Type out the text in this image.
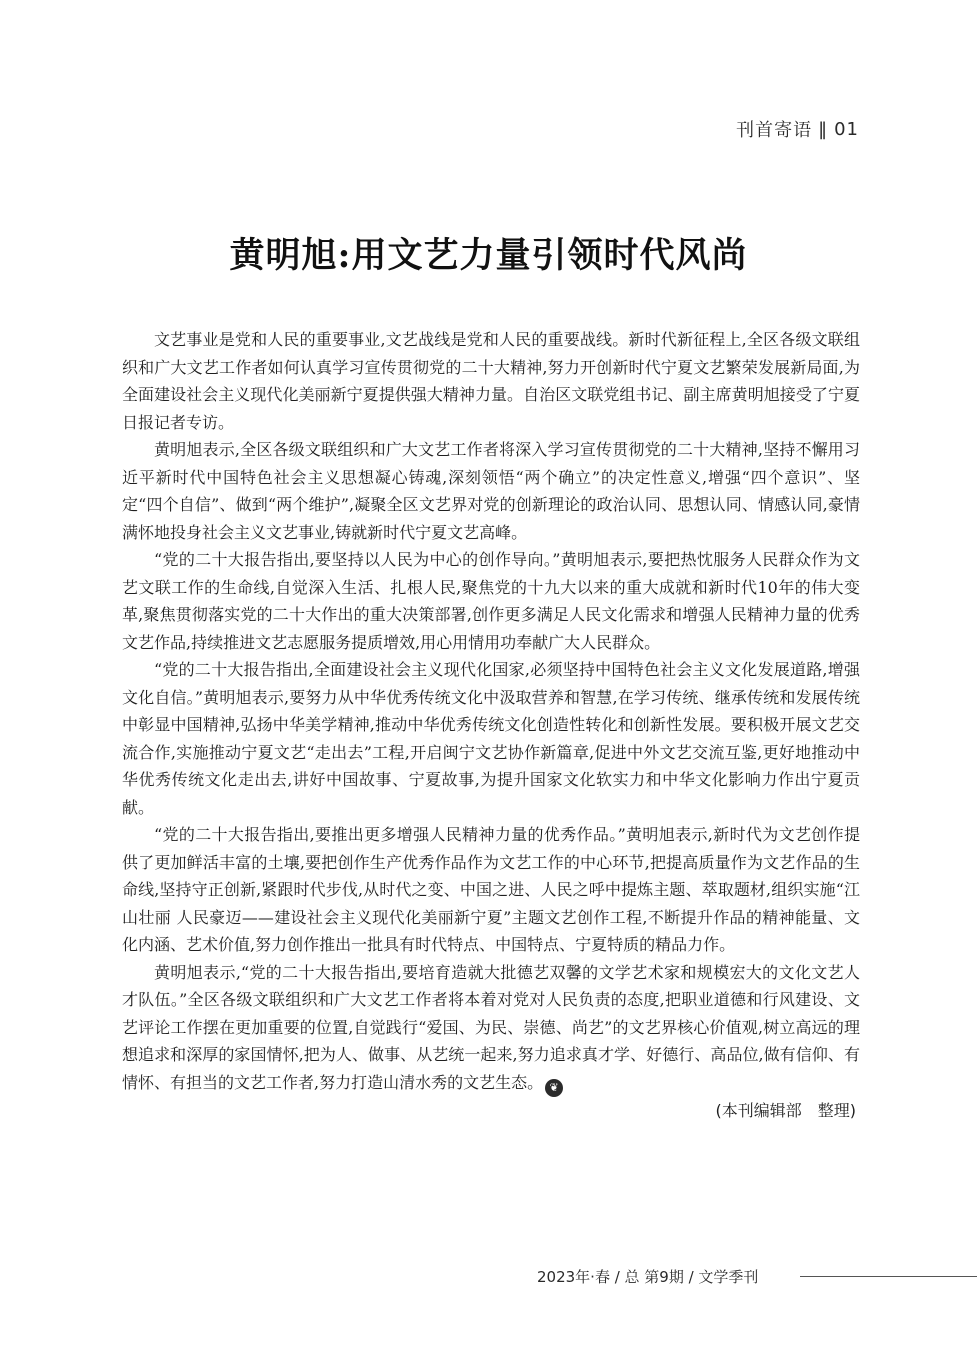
刊首寄语 ‖ 01
黄明旭:用文艺力量引领时代风尚

文艺事业是党和人民的重要事业,文艺战线是党和人民的重要战线。新时代新征程上,全区各级文联组织和广大文艺工作者如何认真学习宣传贯彻党的二十大精神,努力开创新时代宁夏文艺繁荣发展新局面,为全面建设社会主义现代化美丽新宁夏提供强大精神力量。自治区文联党组书记、副主席黄明旭接受了宁夏日报记者专访。

黄明旭表示,全区各级文联组织和广大文艺工作者将深入学习宣传贯彻党的二十大精神,坚持不懈用习近平新时代中国特色社会主义思想凝心铸魂,深刻领悟“两个确立”的决定性意义,增强“四个意识”、坚定“四个自信”、做到“两个维护”,凝聚全区文艺界对党的创新理论的政治认同、思想认同、情感认同,豪情满怀地投身社会主义文艺事业,铸就新时代宁夏文艺高峰。

“党的二十大报告指出,要坚持以人民为中心的创作导向。”黄明旭表示,要把热忱服务人民群众作为文艺文联工作的生命线,自觉深入生活、扎根人民,聚焦党的十九大以来的重大成就和新时代10年的伟大变革,聚焦贯彻落实党的二十大作出的重大决策部署,创作更多满足人民文化需求和增强人民精神力量的优秀文艺作品,持续推进文艺志愿服务提质增效,用心用情用功奉献广大人民群众。

“党的二十大报告指出,全面建设社会主义现代化国家,必须坚持中国特色社会主义文化发展道路,增强文化自信。”黄明旭表示,要努力从中华优秀传统文化中汲取营养和智慧,在学习传统、继承传统和发展传统中彰显中国精神,弘扬中华美学精神,推动中华优秀传统文化创造性转化和创新性发展。要积极开展文艺交流合作,实施推动宁夏文艺“走出去”工程,开启闽宁文艺协作新篇章,促进中外文艺交流互鉴,更好地推动中华优秀传统文化走出去,讲好中国故事、宁夏故事,为提升国家文化软实力和中华文化影响力作出宁夏贡献。

“党的二十大报告指出,要推出更多增强人民精神力量的优秀作品。”黄明旭表示,新时代为文艺创作提供了更加鲜活丰富的土壤,要把创作生产优秀作品作为文艺工作的中心环节,把提高质量作为文艺作品的生命线,坚持守正创新,紧跟时代步伐,从时代之变、中国之进、人民之呼中提炼主题、萃取题材,组织实施“江山壮丽 人民豪迈——建设社会主义现代化美丽新宁夏”主题文艺创作工程,不断提升作品的精神能量、文化内涵、艺术价值,努力创作推出一批具有时代特点、中国特点、宁夏特质的精品力作。

黄明旭表示,“党的二十大报告指出,要培育造就大批德艺双馨的文学艺术家和规模宏大的文化文艺人才队伍。”全区各级文联组织和广大文艺工作者将本着对党对人民负责的态度,把职业道德和行风建设、文艺评论工作摆在更加重要的位置,自觉践行“爱国、为民、崇德、尚艺”的文艺界核心价值观,树立高远的理想追求和深厚的家国情怀,把为人、做事、从艺统一起来,努力追求真才学、好德行、高品位,做有信仰、有情怀、有担当的文艺工作者,努力打造山清水秀的文艺生态。 ❦

(本刊编辑部　整理)

2023年·春 / 总 第9期 / 文学季刊
